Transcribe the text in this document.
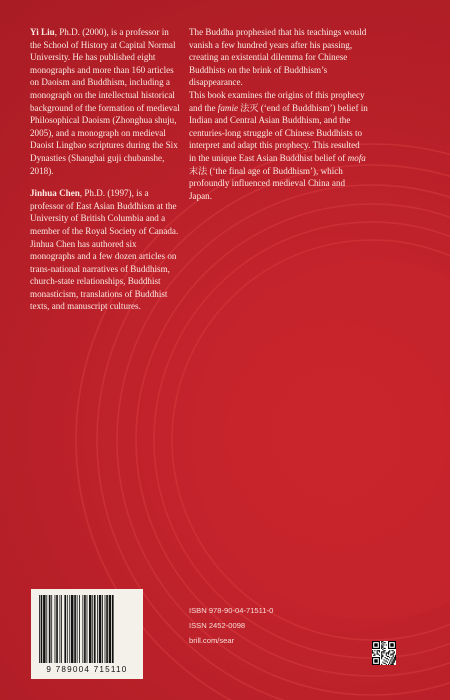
Yi Liu, Ph.D. (2000), is a professor in the School of History at Capital Normal University. He has published eight monographs and more than 160 articles on Daoism and Buddhism, including a monograph on the intellectual historical background of the formation of medieval Philosophical Daoism (Zhonghua shuju, 2005), and a monograph on medieval Daoist Lingbao scriptures during the Six Dynasties (Shanghai guji chubanshe, 2018).

Jinhua Chen, Ph.D. (1997), is a professor of East Asian Buddhism at the University of British Columbia and a member of the Royal Society of Canada. Jinhua Chen has authored six monographs and a few dozen articles on trans-national narratives of Buddhism, church-state relationships, Buddhist monasticism, translations of Buddhist texts, and manuscript cultures.

The Buddha prophesied that his teachings would vanish a few hundred years after his passing, creating an existential dilemma for Chinese Buddhists on the brink of Buddhism’s disappearance.

This book examines the origins of this prophecy and the famie 法灭 (‘end of Buddhism’) belief in Indian and Central Asian Buddhism, and the centuries-long struggle of Chinese Buddhists to interpret and adapt this prophecy. This resulted in the unique East Asian Buddhist belief of mofa 末法 (‘the final age of Buddhism’), which profoundly influenced medieval China and Japan.

9 789004 715110
ISBN 978-90-04-71511-0
ISSN 2452-0098
brill.com/sear
